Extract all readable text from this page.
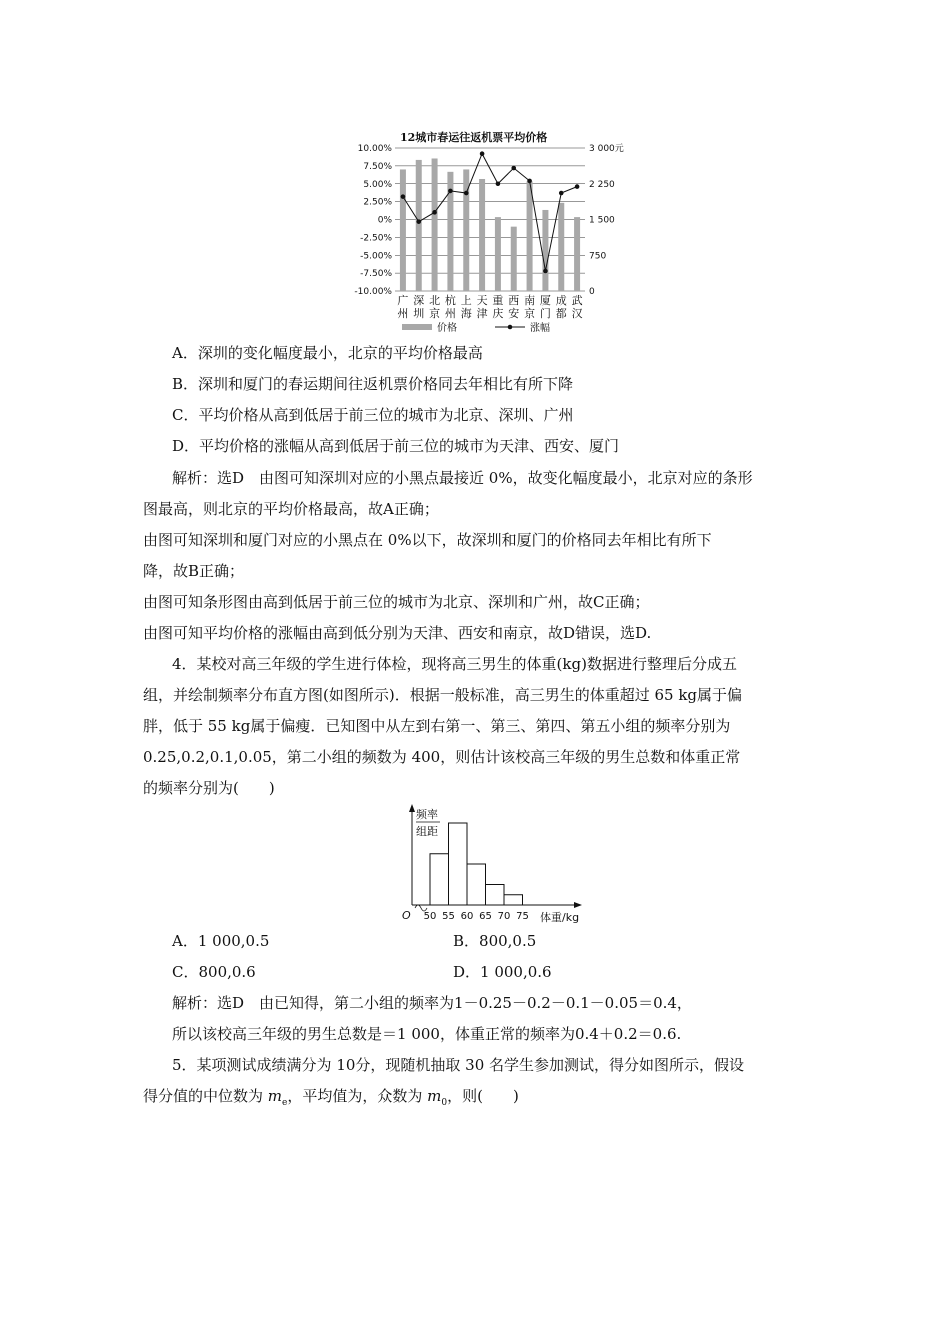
12城市春运往返机票平均价格
10.00%
7.50%
5.00%
2.50%
0%
-2.50%
-5.00%
-7.50%
-10.00%
3 000元
2 250
1 500
750
0
广
州
深
圳
北
京
杭
州
上
海
天
津
重
庆
西
安
南
京
厦
门
成
都
武
汉
价格	涨幅
A．深圳的变化幅度最小，北京的平均价格最高
B．深圳和厦门的春运期间往返机票价格同去年相比有所下降
C．平均价格从高到低居于前三位的城市为北京、深圳、广州
D．平均价格的涨幅从高到低居于前三位的城市为天津、西安、厦门
解析：选D　由图可知深圳对应的小黑点最接近 0%，故变化幅度最小，北京对应的条形
图最高，则北京的平均价格最高，故A正确；
由图可知深圳和厦门对应的小黑点在 0%以下，故深圳和厦门的价格同去年相比有所下
降，故B正确；
由图可知条形图由高到低居于前三位的城市为北京、深圳和广州，故C正确；
由图可知平均价格的涨幅由高到低分别为天津、西安和南京，故D错误，选D.
4．某校对高三年级的学生进行体检，现将高三男生的体重(kg)数据进行整理后分成五
组，并绘制频率分布直方图(如图所示)．根据一般标准，高三男生的体重超过 65 kg属于偏
胖，低于 55 kg属于偏瘦．已知图中从左到右第一、第三、第四、第五小组的频率分别为
0.25,0.2,0.1,0.05，第二小组的频数为 400，则估计该校高三年级的男生总数和体重正常
的频率分别为(　　)
频率
组距
O 50 55 60 65 70 75 体重/kg
A．1 000,0.5	B．800,0.5
C．800,0.6	D．1 000,0.6
解析：选D　由已知得，第二小组的频率为1－0.25－0.2－0.1－0.05＝0.4，
所以该校高三年级的男生总数是＝1 000，体重正常的频率为0.4＋0.2＝0.6.
5．某项测试成绩满分为 10分，现随机抽取 30 名学生参加测试，得分如图所示，假设
得分值的中位数为 $m_e$，平均值为，众数为 $m_0$，则(　　)
